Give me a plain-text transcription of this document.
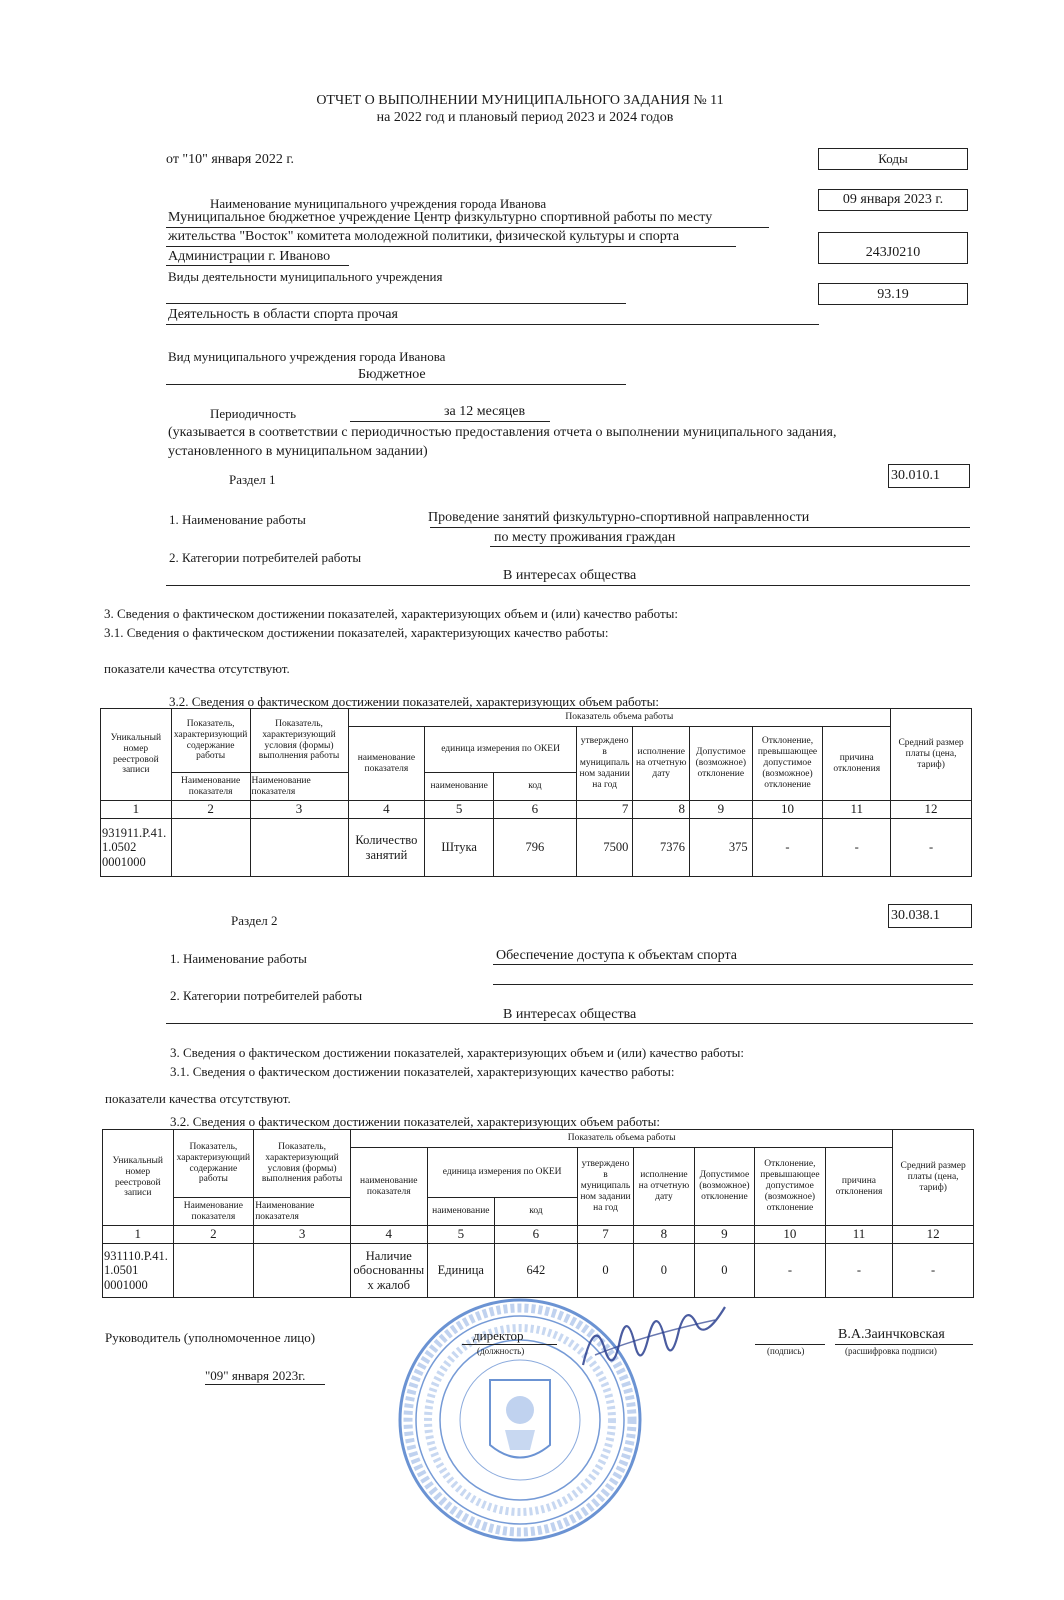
ОТЧЕТ О ВЫПОЛНЕНИИ МУНИЦИПАЛЬНОГО ЗАДАНИЯ № 11
на 2022 год и плановый период 2023 и 2024 годов
от "10" января 2022 г.	Коды
09 января 2023 г.
243J0210
93.19
Наименование муниципального учреждения города Иванова
Муниципальное бюджетное учреждение Центр физкультурно спортивной работы по месту
жительства "Восток" комитета молодежной политики, физической культуры и спорта
Администрации г. Иваново
Виды деятельности муниципального учреждения
Деятельность в области спорта прочая
Вид муниципального учреждения города Иванова
Бюджетное
Периодичность	за 12 месяцев
(указывается в соответствии с периодичностью предоставления отчета о выполнении муниципального задания,
установленного в муниципальном задании)
Раздел 1	30.010.1
1. Наименование работы	Проведение занятий физкультурно-спортивной направленности
по месту проживания граждан
2. Категории потребителей работы
В интересах общества
3. Сведения о фактическом достижении показателей, характеризующих объем и (или) качество работы:
3.1. Сведения о фактическом достижении показателей, характеризующих качество работы:
показатели качества отсутствуют.
3.2. Сведения о фактическом достижении показателей, характеризующих объем работы:
Уникальный номер реестровой записи	Показатель, характеризующий содержание работы	Показатель, характеризующий условия (формы) выполнения работы	Показатель объема работы								Средний размер платы (цена, тариф)
			наименование показателя	единица измерения по ОКЕИ		утверждено в муниципальном задании на год	исполнение на отчетную дату	Допустимое (возможное) отклонение	Отклонение, превышающее допустимое (возможное) отклонение	причина отклонения	
	Наименование показателя	Наименование показателя		наименование	код						
1	2	3	4	5	6	7	8	9	10	11	12
931911.Р.41.1.0502 0001000			Количество занятий	Штука	796	7500	7376	375	-	-	-
Раздел 2	30.038.1
1. Наименование работы	Обеспечение доступа к объектам спорта
2. Категории потребителей работы
В интересах общества
3. Сведения о фактическом достижении показателей, характеризующих объем и (или) качество работы:
3.1. Сведения о фактическом достижении показателей, характеризующих качество работы:
показатели качества отсутствуют.
3.2. Сведения о фактическом достижении показателей, характеризующих объем работы:
Уникальный номер реестровой записи	Показатель, характеризующий содержание работы	Показатель, характеризующий условия (формы) выполнения работы	Показатель объема работы								Средний размер платы (цена, тариф)
			наименование показателя	единица измерения по ОКЕИ		утверждено в муниципальном задании на год	исполнение на отчетную дату	Допустимое (возможное) отклонение	Отклонение, превышающее допустимое (возможное) отклонение	причина отклонения	
	Наименование показателя	Наименование показателя		наименование	код						
1	2	3	4	5	6	7	8	9	10	11	12
931110.Р.41.1.0501 0001000			Наличие обоснованных жалоб	Единица	642	0	0	0	-	-	-
Руководитель (уполномоченное лицо)	директор
(должность)	(подпись)
В.А.Заинчковская
(расшифровка подписи)
"09" января 2023г.
